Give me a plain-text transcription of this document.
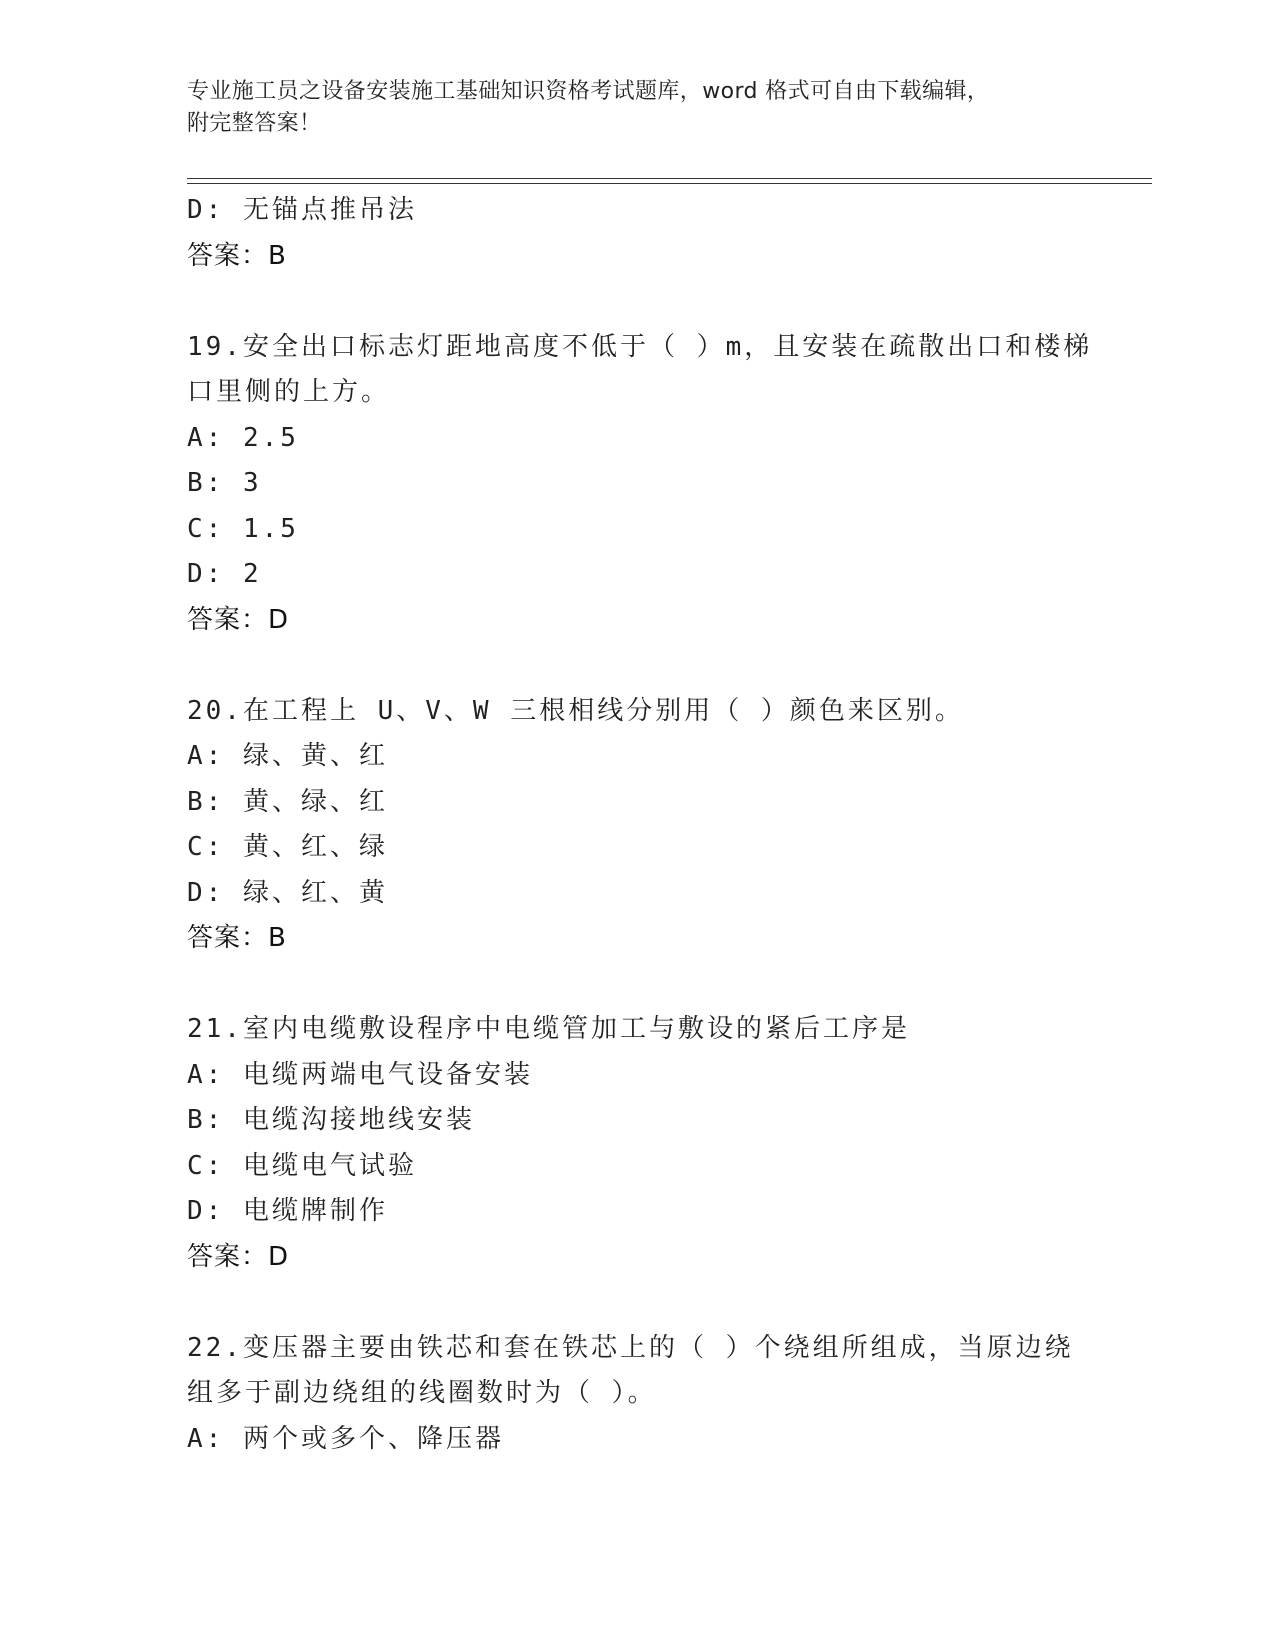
专业施工员之设备安装施工基础知识资格考试题库，word 格式可自由下载编辑，
附完整答案！
D: 无锚点推吊法
答案：B
19.安全出口标志灯距地高度不低于（ ）m，且安装在疏散出口和楼梯
口里侧的上方。
A: 2.5
B: 3
C: 1.5
D: 2
答案：D
20.在工程上 U、V、W 三根相线分别用（ ）颜色来区别。
A: 绿、黄、红
B: 黄、绿、红
C: 黄、红、绿
D: 绿、红、黄
答案：B
21.室内电缆敷设程序中电缆管加工与敷设的紧后工序是
A: 电缆两端电气设备安装
B: 电缆沟接地线安装
C: 电缆电气试验
D: 电缆牌制作
答案：D
22.变压器主要由铁芯和套在铁芯上的（ ）个绕组所组成，当原边绕
组多于副边绕组的线圈数时为（ ）。
A: 两个或多个、降压器
